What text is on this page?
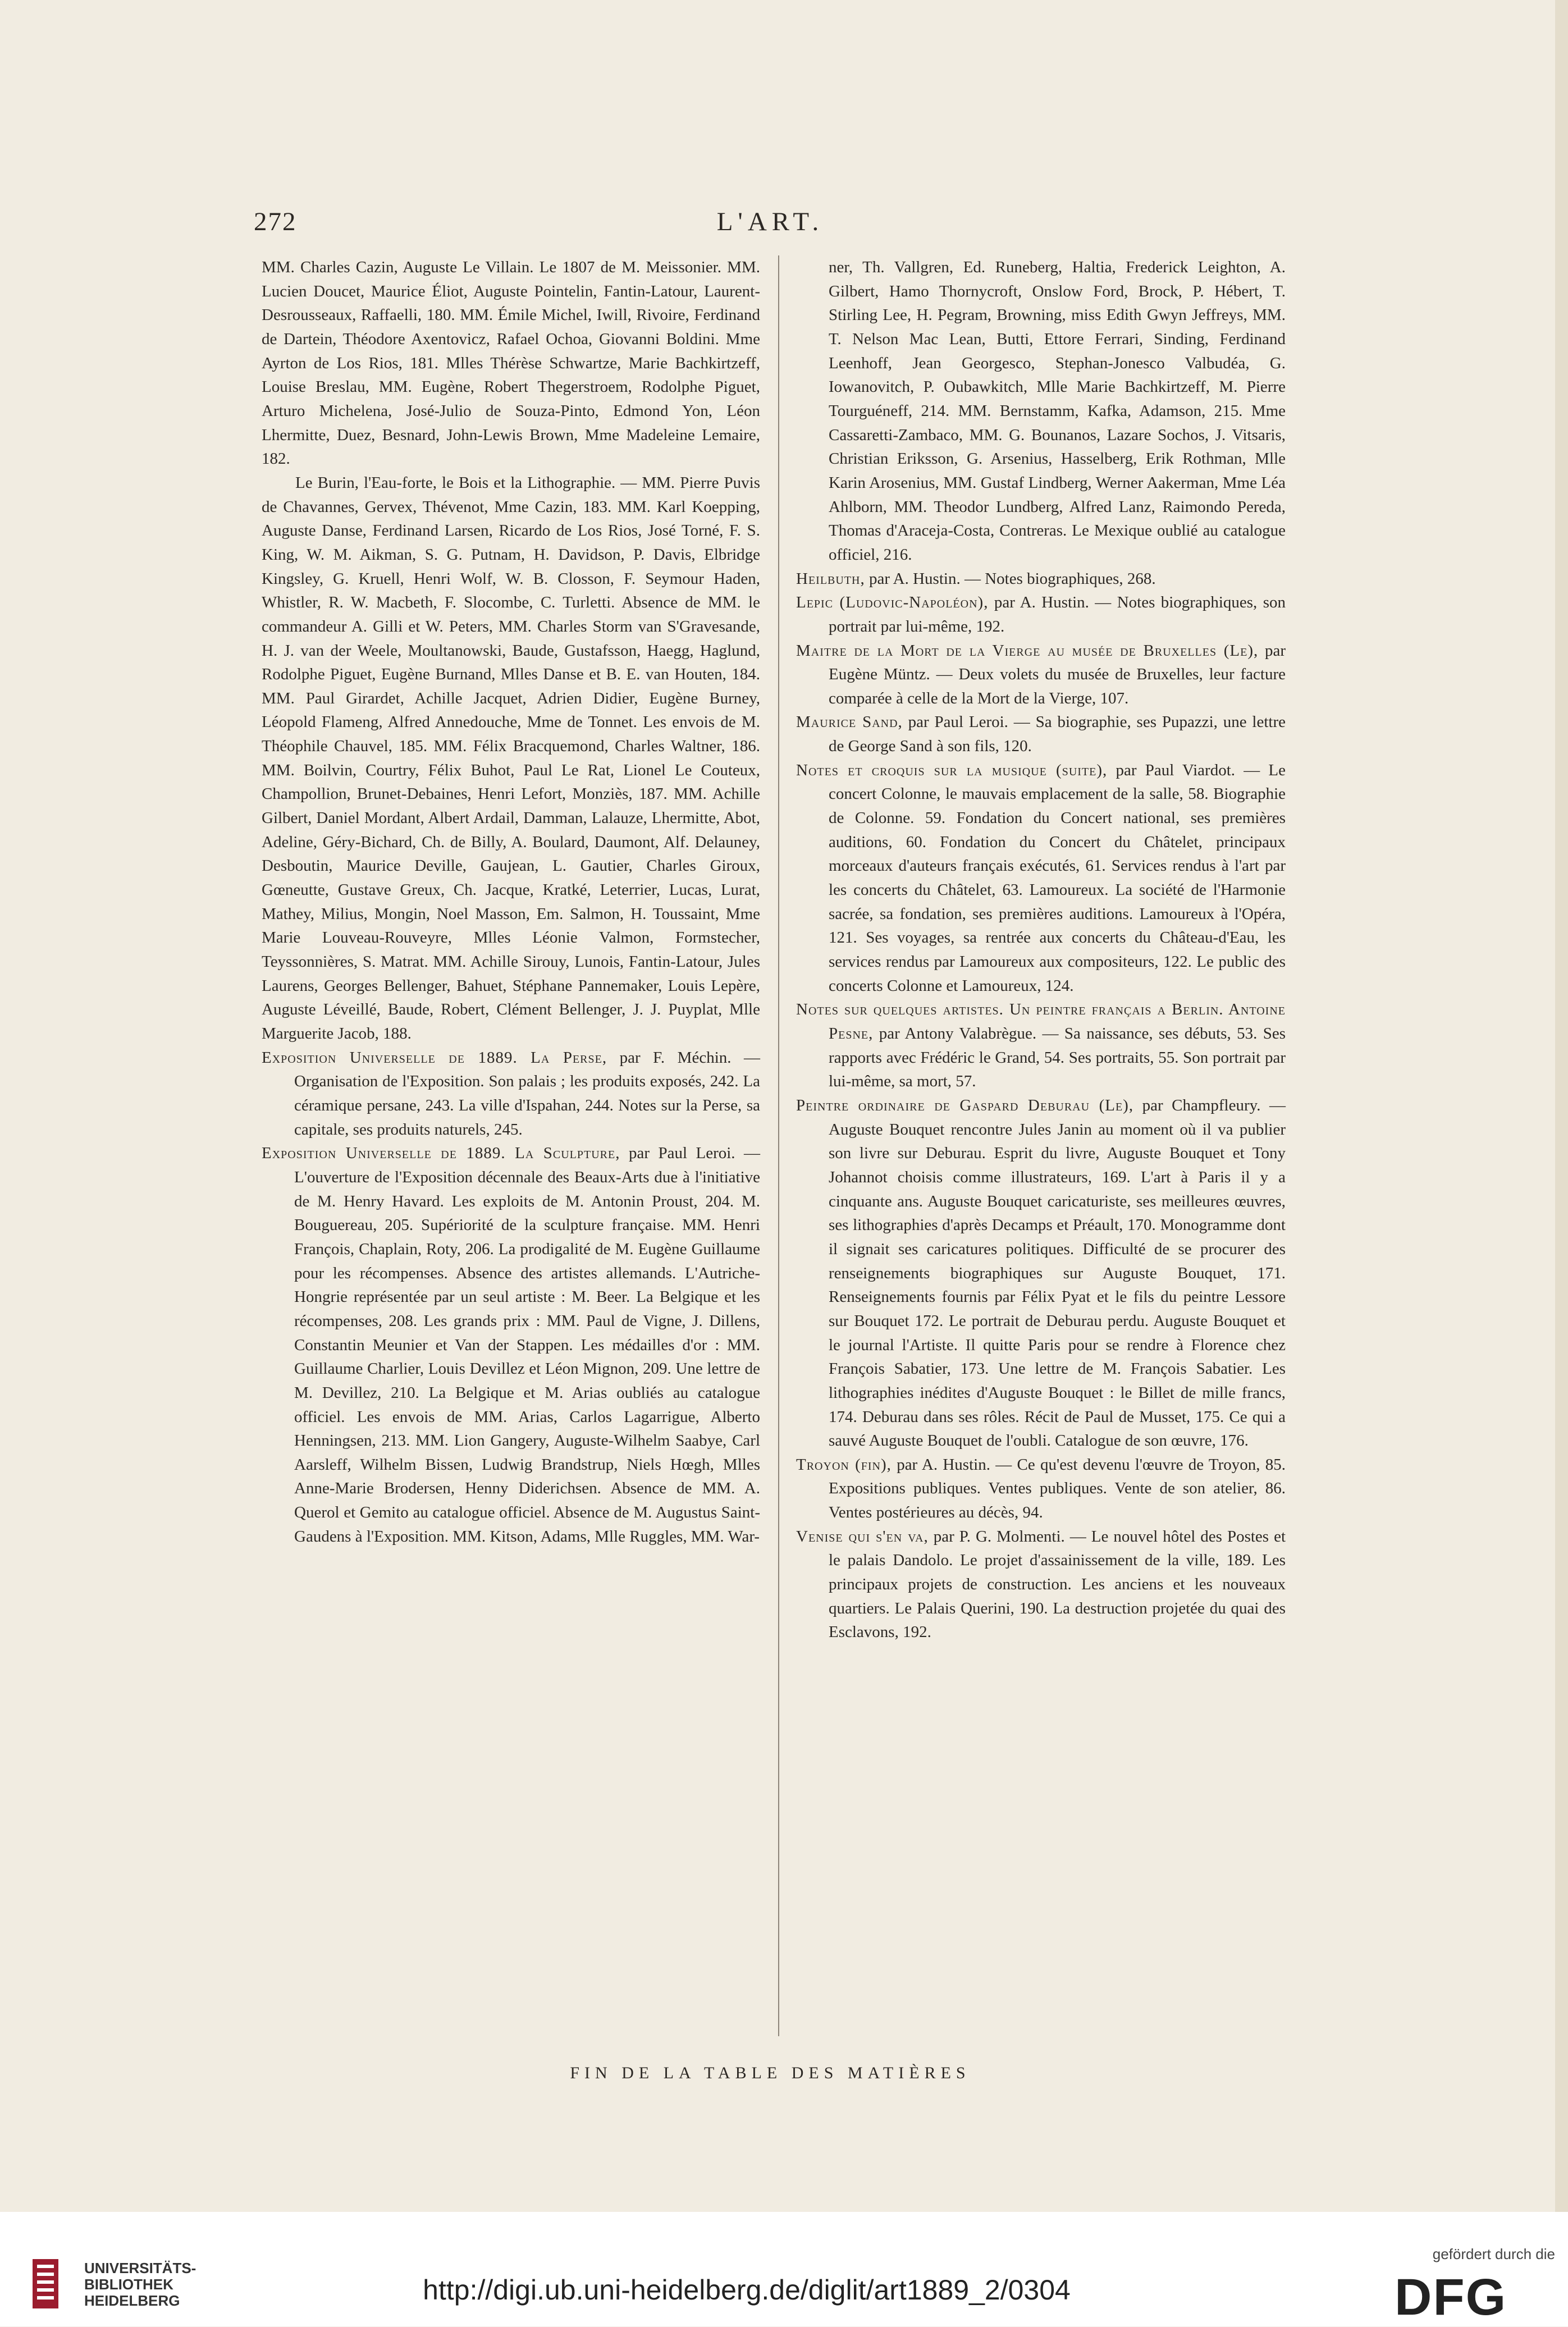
272	L'ART.

MM. Charles Cazin, Auguste Le Villain. Le 1807 de M. Meissonier. MM. Lucien Doucet, Maurice Éliot, Auguste Pointelin, Fantin-Latour, Laurent-Desrousseaux, Raffaelli, 180. MM. Émile Michel, Iwill, Rivoire, Ferdinand de Dartein, Théodore Axentovicz, Rafael Ochoa, Giovanni Boldini. Mme Ayrton de Los Rios, 181. Mlles Thérèse Schwartze, Marie Bachkirtzeff, Louise Breslau, MM. Eugène, Robert Thegerstroem, Rodolphe Piguet, Arturo Michelena, José-Julio de Souza-Pinto, Edmond Yon, Léon Lhermitte, Duez, Besnard, John-Lewis Brown, Mme Madeleine Lemaire, 182.

Le Burin, l'Eau-forte, le Bois et la Lithographie. — MM. Pierre Puvis de Chavannes, Gervex, Thévenot, Mme Cazin, 183. MM. Karl Koepping, Auguste Danse, Ferdinand Larsen, Ricardo de Los Rios, José Torné, F. S. King, W. M. Aikman, S. G. Putnam, H. Davidson, P. Davis, Elbridge Kingsley, G. Kruell, Henri Wolf, W. B. Closson, F. Seymour Haden, Whistler, R. W. Macbeth, F. Slocombe, C. Turletti. Absence de MM. le commandeur A. Gilli et W. Peters, MM. Charles Storm van S'Gravesande, H. J. van der Weele, Moultanowski, Baude, Gustafsson, Haegg, Haglund, Rodolphe Piguet, Eugène Burnand, Mlles Danse et B. E. van Houten, 184. MM. Paul Girardet, Achille Jacquet, Adrien Didier, Eugène Burney, Léopold Flameng, Alfred Annedouche, Mme de Tonnet. Les envois de M. Théophile Chauvel, 185. MM. Félix Bracquemond, Charles Waltner, 186. MM. Boilvin, Courtry, Félix Buhot, Paul Le Rat, Lionel Le Couteux, Champollion, Brunet-Debaines, Henri Lefort, Monziès, 187. MM. Achille Gilbert, Daniel Mordant, Albert Ardail, Damman, Lalauze, Lhermitte, Abot, Adeline, Géry-Bichard, Ch. de Billy, A. Boulard, Daumont, Alf. Delauney, Desboutin, Maurice Deville, Gaujean, L. Gautier, Charles Giroux, Gœneutte, Gustave Greux, Ch. Jacque, Kratké, Leterrier, Lucas, Lurat, Mathey, Milius, Mongin, Noel Masson, Em. Salmon, H. Toussaint, Mme Marie Louveau-Rouveyre, Mlles Léonie Valmon, Formstecher, Teyssonnières, S. Matrat. MM. Achille Sirouy, Lunois, Fantin-Latour, Jules Laurens, Georges Bellenger, Bahuet, Stéphane Pannemaker, Louis Lepère, Auguste Léveillé, Baude, Robert, Clément Bellenger, J. J. Puyplat, Mlle Marguerite Jacob, 188.

Exposition Universelle de 1889. La Perse, par F. Méchin. — Organisation de l'Exposition. Son palais ; les produits exposés, 242. La céramique persane, 243. La ville d'Ispahan, 244. Notes sur la Perse, sa capitale, ses produits naturels, 245.

Exposition Universelle de 1889. La Sculpture, par Paul Leroi. — L'ouverture de l'Exposition décennale des Beaux-Arts due à l'initiative de M. Henry Havard. Les exploits de M. Antonin Proust, 204. M. Bouguereau, 205. Supériorité de la sculpture française. MM. Henri François, Chaplain, Roty, 206. La prodigalité de M. Eugène Guillaume pour les récompenses. Absence des artistes allemands. L'Autriche-Hongrie représentée par un seul artiste : M. Beer. La Belgique et les récompenses, 208. Les grands prix : MM. Paul de Vigne, J. Dillens, Constantin Meunier et Van der Stappen. Les médailles d'or : MM. Guillaume Charlier, Louis Devillez et Léon Mignon, 209. Une lettre de M. Devillez, 210. La Belgique et M. Arias oubliés au catalogue officiel. Les envois de MM. Arias, Carlos Lagarrigue, Alberto Henningsen, 213. MM. Lion Gangery, Auguste-Wilhelm Saabye, Carl Aarsleff, Wilhelm Bissen, Ludwig Brandstrup, Niels Hœgh, Mlles Anne-Marie Brodersen, Henny Diderichsen. Absence de MM. A. Querol et Gemito au catalogue officiel. Absence de M. Augustus Saint-Gaudens à l'Exposition. MM. Kitson, Adams, Mlle Ruggles, MM. War-

ner, Th. Vallgren, Ed. Runeberg, Haltia, Frederick Leighton, A. Gilbert, Hamo Thornycroft, Onslow Ford, Brock, P. Hébert, T. Stirling Lee, H. Pegram, Browning, miss Edith Gwyn Jeffreys, MM. T. Nelson Mac Lean, Butti, Ettore Ferrari, Sinding, Ferdinand Leenhoff, Jean Georgesco, Stephan-Jonesco Valbudéa, G. Iowanovitch, P. Oubawkitch, Mlle Marie Bachkirtzeff, M. Pierre Tourguéneff, 214. MM. Bernstamm, Kafka, Adamson, 215. Mme Cassaretti-Zambaco, MM. G. Bounanos, Lazare Sochos, J. Vitsaris, Christian Eriksson, G. Arsenius, Hasselberg, Erik Rothman, Mlle Karin Arosenius, MM. Gustaf Lindberg, Werner Aakerman, Mme Léa Ahlborn, MM. Theodor Lundberg, Alfred Lanz, Raimondo Pereda, Thomas d'Araceja-Costa, Contreras. Le Mexique oublié au catalogue officiel, 216.

Heilbuth, par A. Hustin. — Notes biographiques, 268.

Lepic (Ludovic-Napoléon), par A. Hustin. — Notes biographiques, son portrait par lui-même, 192.

Maitre de la Mort de la Vierge au musée de Bruxelles (Le), par Eugène Müntz. — Deux volets du musée de Bruxelles, leur facture comparée à celle de la Mort de la Vierge, 107.

Maurice Sand, par Paul Leroi. — Sa biographie, ses Pupazzi, une lettre de George Sand à son fils, 120.

Notes et croquis sur la musique (suite), par Paul Viardot. — Le concert Colonne, le mauvais emplacement de la salle, 58. Biographie de Colonne. 59. Fondation du Concert national, ses premières auditions, 60. Fondation du Concert du Châtelet, principaux morceaux d'auteurs français exécutés, 61. Services rendus à l'art par les concerts du Châtelet, 63. Lamoureux. La société de l'Harmonie sacrée, sa fondation, ses premières auditions. Lamoureux à l'Opéra, 121. Ses voyages, sa rentrée aux concerts du Château-d'Eau, les services rendus par Lamoureux aux compositeurs, 122. Le public des concerts Colonne et Lamoureux, 124.

Notes sur quelques artistes. Un peintre français a Berlin. Antoine Pesne, par Antony Valabrègue. — Sa naissance, ses débuts, 53. Ses rapports avec Frédéric le Grand, 54. Ses portraits, 55. Son portrait par lui-même, sa mort, 57.

Peintre ordinaire de Gaspard Deburau (Le), par Champfleury. — Auguste Bouquet rencontre Jules Janin au moment où il va publier son livre sur Deburau. Esprit du livre, Auguste Bouquet et Tony Johannot choisis comme illustrateurs, 169. L'art à Paris il y a cinquante ans. Auguste Bouquet caricaturiste, ses meilleures œuvres, ses lithographies d'après Decamps et Préault, 170. Monogramme dont il signait ses caricatures politiques. Difficulté de se procurer des renseignements biographiques sur Auguste Bouquet, 171. Renseignements fournis par Félix Pyat et le fils du peintre Lessore sur Bouquet 172. Le portrait de Deburau perdu. Auguste Bouquet et le journal l'Artiste. Il quitte Paris pour se rendre à Florence chez François Sabatier, 173. Une lettre de M. François Sabatier. Les lithographies inédites d'Auguste Bouquet : le Billet de mille francs, 174. Deburau dans ses rôles. Récit de Paul de Musset, 175. Ce qui a sauvé Auguste Bouquet de l'oubli. Catalogue de son œuvre, 176.

Troyon (fin), par A. Hustin. — Ce qu'est devenu l'œuvre de Troyon, 85. Expositions publiques. Ventes publiques. Vente de son atelier, 86. Ventes postérieures au décès, 94.

Venise qui s'en va, par P. G. Molmenti. — Le nouvel hôtel des Postes et le palais Dandolo. Le projet d'assainissement de la ville, 189. Les principaux projets de construction. Les anciens et les nouveaux quartiers. Le Palais Querini, 190. La destruction projetée du quai des Esclavons, 192.

FIN DE LA TABLE DES MATIÈRES
UNIVERSITÄTS-
BIBLIOTHEK
HEIDELBERG	http://digi.ub.uni-heidelberg.de/diglit/art1889_2/0304
gefördert durch die
DFG
